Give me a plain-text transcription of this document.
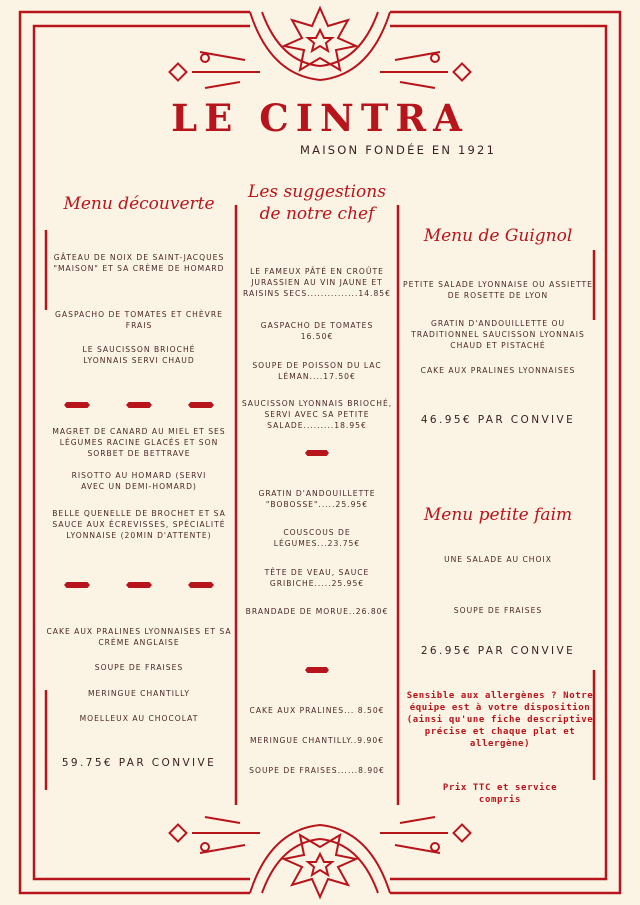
LE CINTRA
MAISON FONDÉE EN 1921
Menu découverte
GÂTEAU DE NOIX DE SAINT-JACQUES "MAISON" ET SA CRÈME DE HOMARD
GASPACHO DE TOMATES ET CHÈVRE FRAIS
LE SAUCISSON BRIOCHÉ LYONNAIS SERVI CHAUD
MAGRET DE CANARD AU MIEL ET SES LÉGUMES RACINE GLACÉS ET SON SORBET DE BETTRAVE
RISOTTO AU HOMARD (SERVI AVEC UN DEMI-HOMARD)
BELLE QUENELLE DE BROCHET ET SA SAUCE AUX ÉCREVISSES, SPÉCIALITÉ LYONNAISE (20MIN D'ATTENTE)
CAKE AUX PRALINES LYONNAISES ET SA CRÈME ANGLAISE
SOUPE DE FRAISES
MERINGUE CHANTILLY
MOELLEUX AU CHOCOLAT
59.75€ PAR CONVIVE
Les suggestions
de notre chef
LE FAMEUX PÂTÉ EN CROÛTE JURASSIEN AU VIN JAUNE ET RAISINS SECS...............14.85€
GASPACHO DE TOMATES 16.50€
SOUPE DE POISSON DU LAC LÉMAN....17.50€
SAUCISSON LYONNAIS BRIOCHÉ, SERVI AVEC SA PETITE SALADE.........18.95€
GRATIN D'ANDOUILLETTE "BOBOSSE".....25.95€
COUSCOUS DE LÉGUMES...23.75€
TÊTE DE VEAU, SAUCE GRIBICHE.....25.95€
BRANDADE DE MORUE..26.80€
CAKE AUX PRALINES... 8.50€
MERINGUE CHANTILLY..9.90€
SOUPE DE FRAISES......8.90€
Menu de Guignol
PETITE SALADE LYONNAISE OU ASSIETTE DE ROSETTE DE LYON
GRATIN D'ANDOUILLETTE OU TRADITIONNEL SAUCISSON LYONNAIS CHAUD ET PISTACHÉ
CAKE AUX PRALINES LYONNAISES
46.95€ PAR CONVIVE
Menu petite faim
UNE SALADE AU CHOIX
SOUPE DE FRAISES
26.95€ PAR CONVIVE
Sensible aux allergènes ? Notre équipe est à votre disposition (ainsi qu'une fiche descriptive précise et chaque plat et allergène)
Prix TTC et service compris
